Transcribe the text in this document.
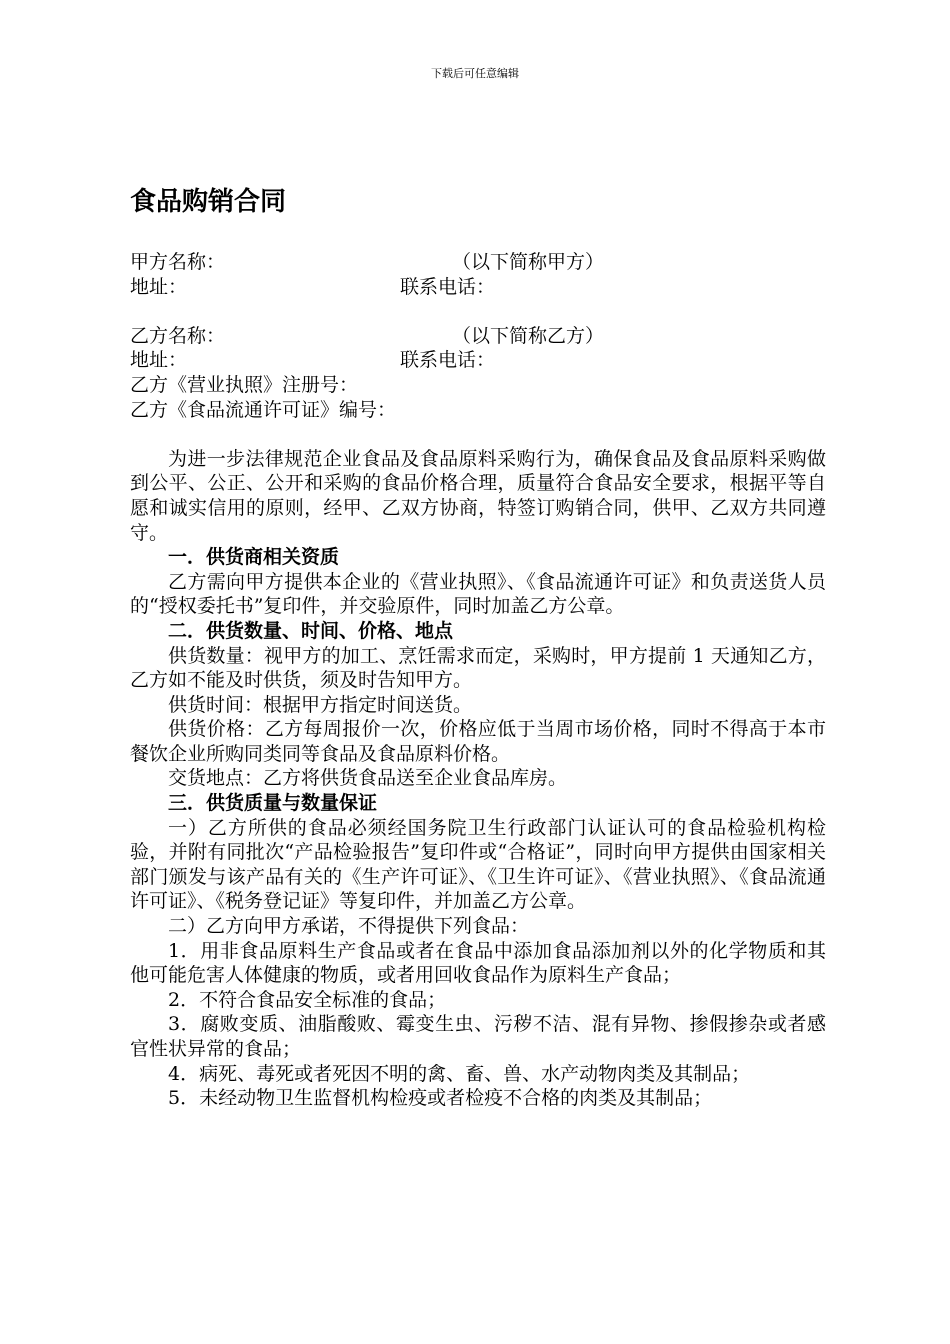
下载后可任意编辑
食品购销合同
甲方名称：	（以下简称甲方）
地址：	联系电话：
乙方名称：	（以下简称乙方）
地址：	联系电话：
乙方《营业执照》注册号：
乙方《食品流通许可证》编号：

为进一步法律规范企业食品及食品原料采购行为，确保食品及食品原料采购做到公平、公正、公开和采购的食品价格合理，质量符合食品安全要求，根据平等自愿和诚实信用的原则，经甲、乙双方协商，特签订购销合同，供甲、乙双方共同遵守。

一．供货商相关资质

乙方需向甲方提供本企业的《营业执照》、《食品流通许可证》和负责送货人员的“授权委托书”复印件，并交验原件，同时加盖乙方公章。

二．供货数量、时间、价格、地点

供货数量：视甲方的加工、烹饪需求而定，采购时，甲方提前 1 天通知乙方，乙方如不能及时供货，须及时告知甲方。

供货时间：根据甲方指定时间送货。

供货价格：乙方每周报价一次，价格应低于当周市场价格，同时不得高于本市餐饮企业所购同类同等食品及食品原料价格。

交货地点：乙方将供货食品送至企业食品库房。

三．供货质量与数量保证

一）乙方所供的食品必须经国务院卫生行政部门认证认可的食品检验机构检验，并附有同批次“产品检验报告”复印件或“合格证”，同时向甲方提供由国家相关部门颁发与该产品有关的《生产许可证》、《卫生许可证》、《营业执照》、《食品流通许可证》、《税务登记证》等复印件，并加盖乙方公章。

二）乙方向甲方承诺，不得提供下列食品：

1．用非食品原料生产食品或者在食品中添加食品添加剂以外的化学物质和其他可能危害人体健康的物质，或者用回收食品作为原料生产食品；

2．不符合食品安全标准的食品；

3．腐败变质、油脂酸败、霉变生虫、污秽不洁、混有异物、掺假掺杂或者感官性状异常的食品；

4．病死、毒死或者死因不明的禽、畜、兽、水产动物肉类及其制品；

5．未经动物卫生监督机构检疫或者检疫不合格的肉类及其制品；
